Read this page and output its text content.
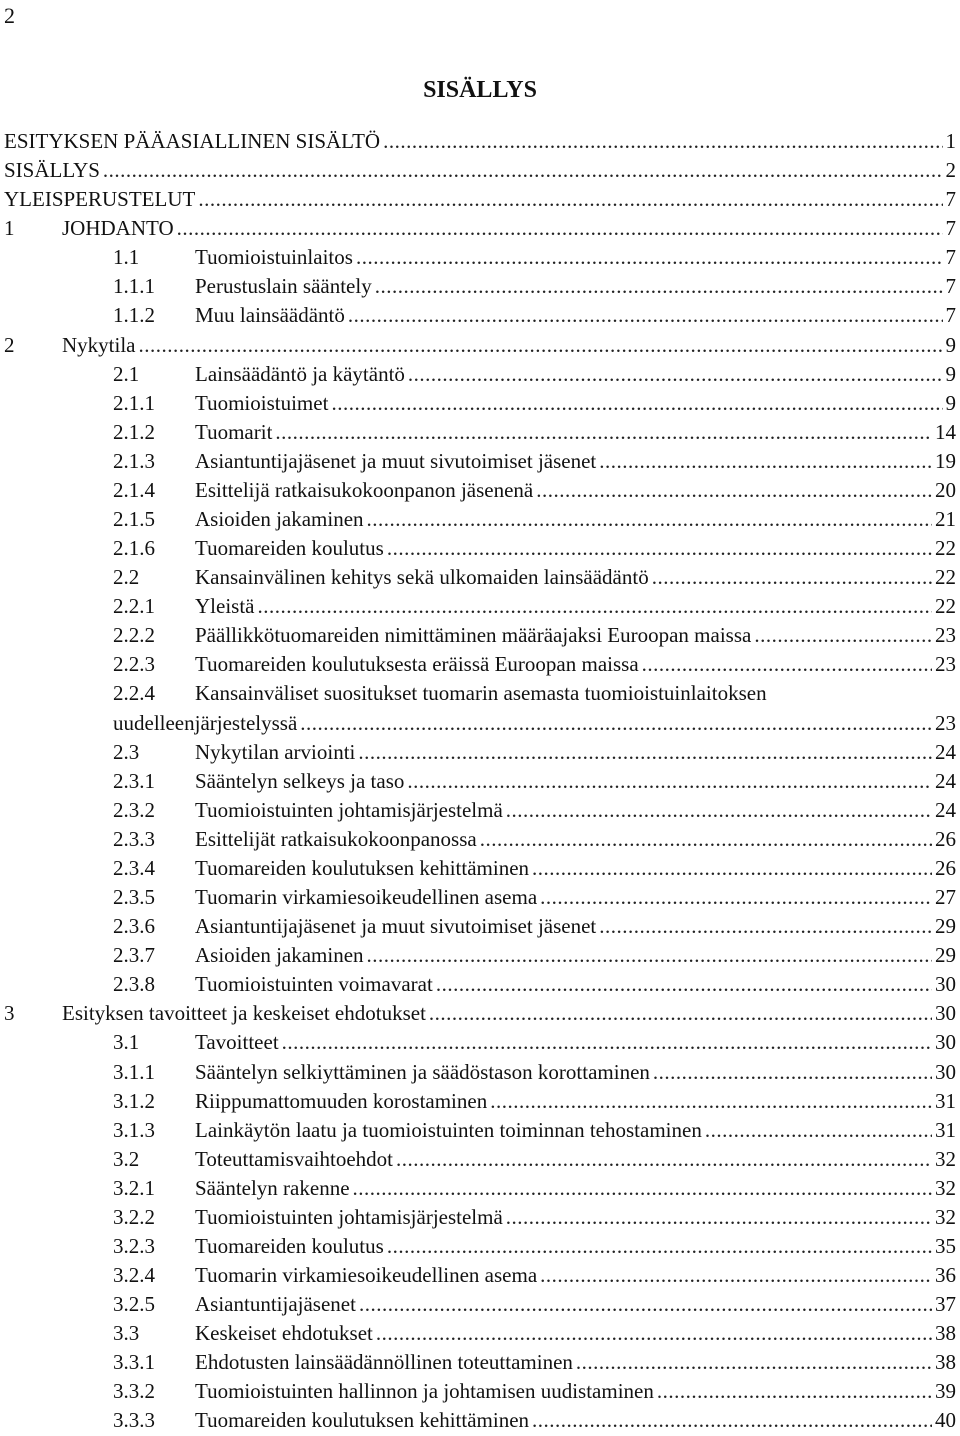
2
SISÄLLYS
ESITYKSEN PÄÄASIALLINEN SISÄLTÖ .....	1
SISÄLLYS .....	2
YLEISPERUSTELUT .....	7
1 JOHDANTO .....	7
1.1	Tuomioistuinlaitos .....	7
1.1.1 Perustuslain sääntely .....	7
1.1.2 Muu lainsäädäntö .....	7
2 Nykytila .....	9
2.1	Lainsäädäntö ja käytäntö .....	9
2.1.1 Tuomioistuimet .....	9
2.1.2 Tuomarit .....	14
2.1.3 Asiantuntijajäsenet ja muut sivutoimiset jäsenet .....	19
2.1.4 Esittelijä ratkaisukokoonpanon jäsenenä .....	20
2.1.5 Asioiden jakaminen .....	21
2.1.6 Tuomareiden koulutus .....	22
2.2	Kansainvälinen kehitys sekä ulkomaiden lainsäädäntö .....	22
2.2.1 Yleistä .....	22
2.2.2 Päällikkötuomareiden nimittäminen määräajaksi Euroopan maissa .....	23
2.2.3 Tuomareiden koulutuksesta eräissä Euroopan maissa .....	23
2.2.4 Kansainväliset suositukset tuomarin asemasta tuomioistuinlaitoksen
uudelleenjärjestelyssä .....	23
2.3	Nykytilan arviointi .....	24
2.3.1 Sääntelyn selkeys ja taso .....	24
2.3.2 Tuomioistuinten johtamisjärjestelmä .....	24
2.3.3 Esittelijät ratkaisukokoonpanossa .....	26
2.3.4 Tuomareiden koulutuksen kehittäminen .....	26
2.3.5 Tuomarin virkamiesoikeudellinen asema .....	27
2.3.6 Asiantuntijajäsenet ja muut sivutoimiset jäsenet .....	29
2.3.7 Asioiden jakaminen .....	29
2.3.8 Tuomioistuinten voimavarat .....	30
3 Esityksen tavoitteet ja keskeiset ehdotukset .....	30
3.1	Tavoitteet .....	30
3.1.1 Sääntelyn selkiyttäminen ja säädöstason korottaminen .....	30
3.1.2 Riippumattomuuden korostaminen .....	31
3.1.3 Lainkäytön laatu ja tuomioistuinten toiminnan tehostaminen .....	31
3.2	Toteuttamisvaihtoehdot .....	32
3.2.1 Sääntelyn rakenne .....	32
3.2.2 Tuomioistuinten johtamisjärjestelmä .....	32
3.2.3 Tuomareiden koulutus .....	35
3.2.4 Tuomarin virkamiesoikeudellinen asema .....	36
3.2.5 Asiantuntijajäsenet .....	37
3.3	Keskeiset ehdotukset .....	38
3.3.1 Ehdotusten lainsäädännöllinen toteuttaminen .....	38
3.3.2 Tuomioistuinten hallinnon ja johtamisen uudistaminen .....	39
3.3.3 Tuomareiden koulutuksen kehittäminen .....	40
